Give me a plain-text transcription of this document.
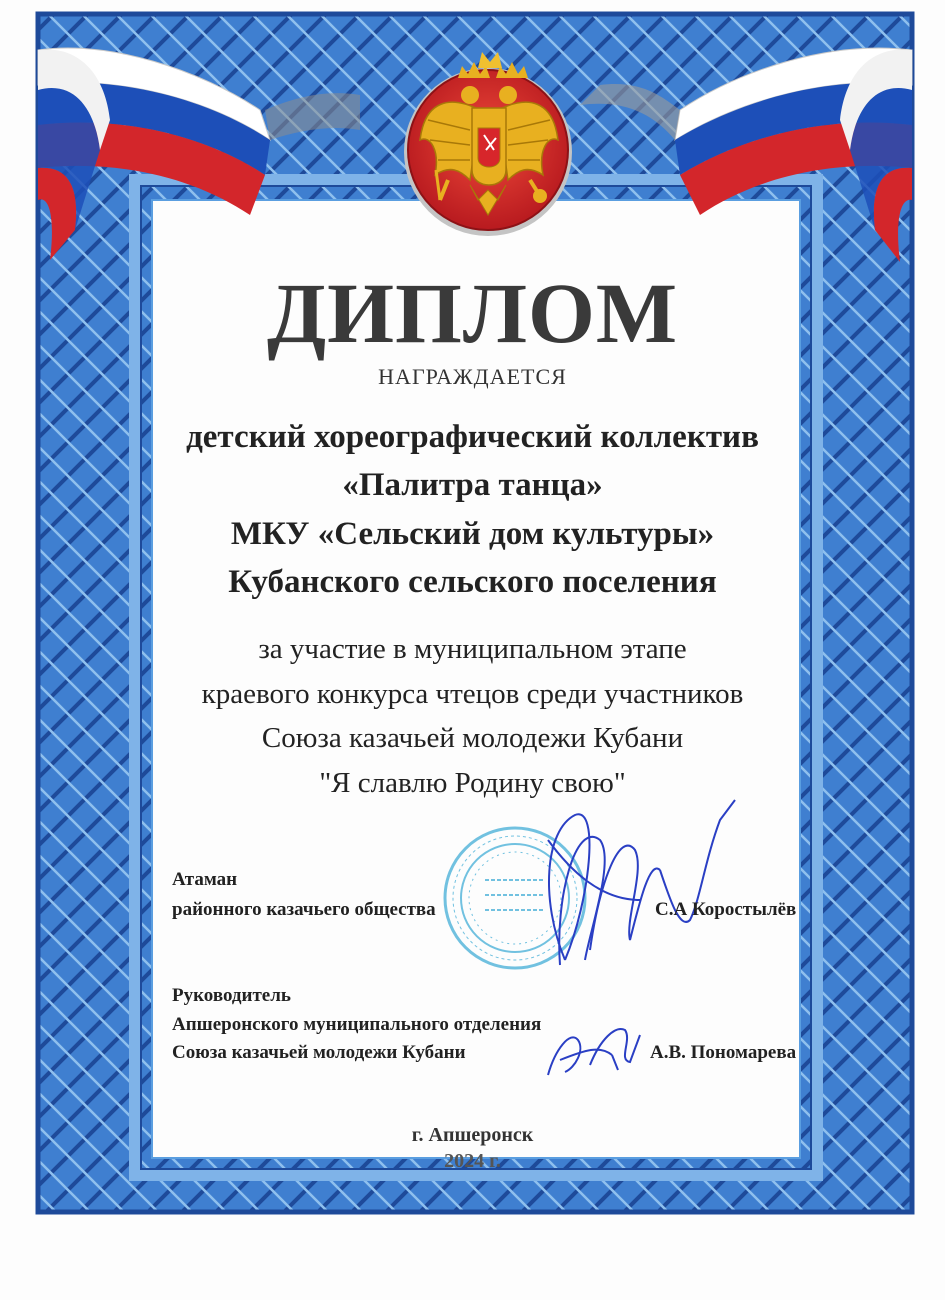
ДИПЛОМ
НАГРАЖДАЕТСЯ
детский хореографический коллектив
«Палитра танца»
МКУ «Сельский дом культуры»
Кубанского сельского поселения
за участие в муниципальном этапе
краевого конкурса чтецов среди участников
Союза казачьей молодежи Кубани
"Я славлю Родину свою"
Атаман
районного казачьего общества	С.А Коростылёв
Руководитель
Апшеронского муниципального отделения
Союза казачьей молодежи Кубани	А.В. Пономарева
г. Апшеронск
2024 г.
